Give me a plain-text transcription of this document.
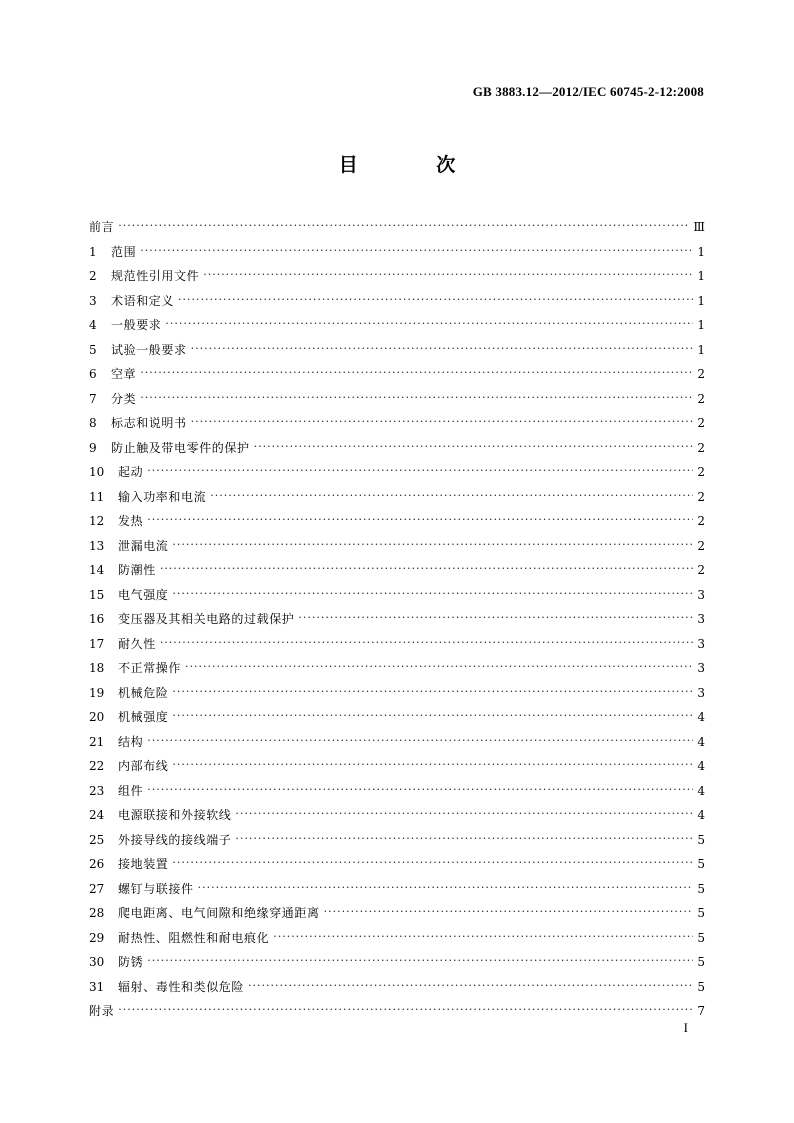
GB 3883.12—2012/IEC 60745-2-12:2008
目 次
前言 ·····	Ⅲ
1	范围 ·····	1
2	规范性引用文件 ·····	1
3	术语和定义 ·····	1
4	一般要求 ·····	1
5	试验一般要求 ·····	1
6	空章 ·····	2
7	分类 ·····	2
8	标志和说明书 ·····	2
9	防止触及带电零件的保护 ·····	2
10	起动 ·····	2
11	输入功率和电流 ·····	2
12	发热 ·····	2
13	泄漏电流 ·····	2
14	防潮性 ·····	2
15	电气强度 ·····	3
16	变压器及其相关电路的过载保护 ·····	3
17	耐久性 ·····	3
18	不正常操作 ·····	3
19	机械危险 ·····	3
20	机械强度 ·····	4
21	结构 ·····	4
22	内部布线 ·····	4
23	组件 ·····	4
24	电源联接和外接软线 ·····	4
25	外接导线的接线端子 ·····	5
26	接地装置 ·····	5
27	螺钉与联接件 ·····	5
28	爬电距离、电气间隙和绝缘穿通距离 ·····	5
29	耐热性、阻燃性和耐电痕化 ·····	5
30	防锈 ·····	5
31	辐射、毒性和类似危险 ·····	5
附录 ·····	7
I
